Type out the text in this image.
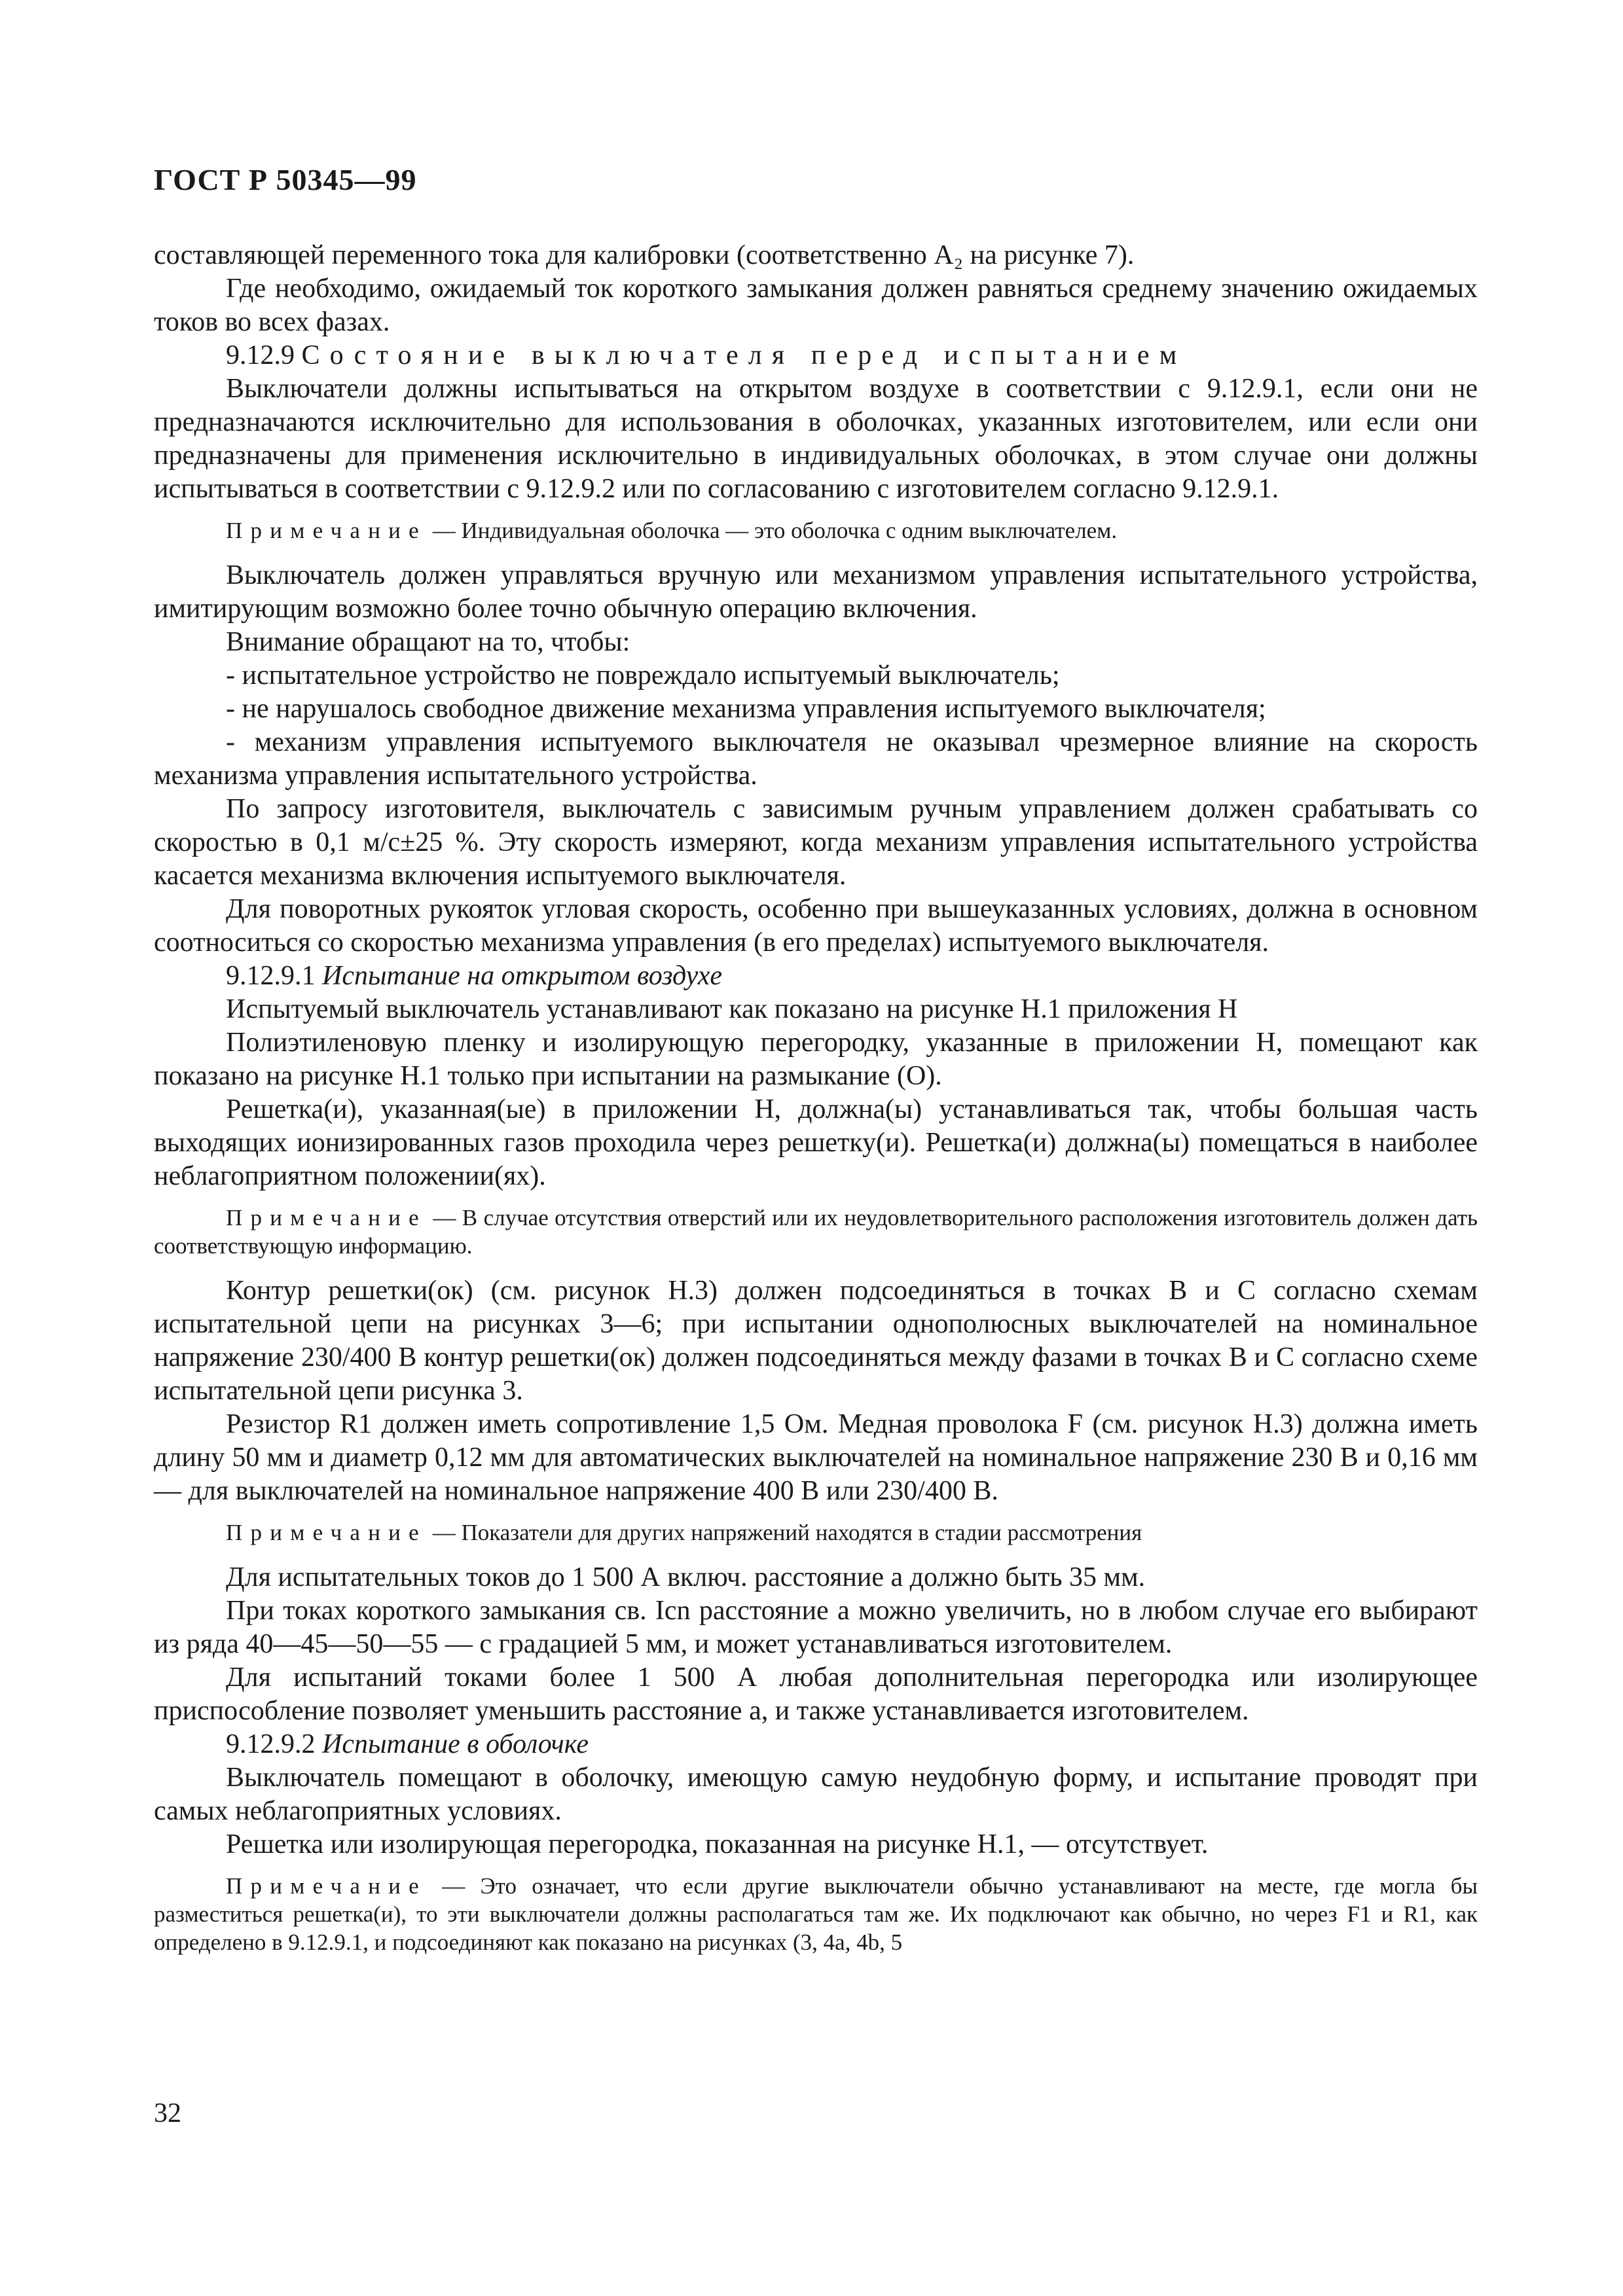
ГОСТ Р 50345—99

составляющей переменного тока для калибровки (соответственно A₂ на рисунке 7).

Где необходимо, ожидаемый ток короткого замыкания должен равняться среднему значению ожидаемых токов во всех фазах.

9.12.9 Состояние выключателя перед испытанием

Выключатели должны испытываться на открытом воздухе в соответствии с 9.12.9.1, если они не предназначаются исключительно для использования в оболочках, указанных изготовителем, или если они предназначены для применения исключительно в индивидуальных оболочках, в этом случае они должны испытываться в соответствии с 9.12.9.2 или по согласованию с изготовителем согласно 9.12.9.1.

Примечание — Индивидуальная оболочка — это оболочка с одним выключателем.

Выключатель должен управляться вручную или механизмом управления испытательного устройства, имитирующим возможно более точно обычную операцию включения.

Внимание обращают на то, чтобы:

- испытательное устройство не повреждало испытуемый выключатель;

- не нарушалось свободное движение механизма управления испытуемого выключателя;

- механизм управления испытуемого выключателя не оказывал чрезмерное влияние на скорость механизма управления испытательного устройства.

По запросу изготовителя, выключатель с зависимым ручным управлением должен срабатывать со скоростью в 0,1 м/с±25 %. Эту скорость измеряют, когда механизм управления испытательного устройства касается механизма включения испытуемого выключателя.

Для поворотных рукояток угловая скорость, особенно при вышеуказанных условиях, должна в основном соотноситься со скоростью механизма управления (в его пределах) испытуемого выключателя.

9.12.9.1 Испытание на открытом воздухе

Испытуемый выключатель устанавливают как показано на рисунке Н.1 приложения Н

Полиэтиленовую пленку и изолирующую перегородку, указанные в приложении Н, помещают как показано на рисунке Н.1 только при испытании на размыкание (О).

Решетка(и), указанная(ые) в приложении Н, должна(ы) устанавливаться так, чтобы большая часть выходящих ионизированных газов проходила через решетку(и). Решетка(и) должна(ы) помещаться в наиболее неблагоприятном положении(ях).

Примечание — В случае отсутствия отверстий или их неудовлетворительного расположения изготовитель должен дать соответствующую информацию.

Контур решетки(ок) (см. рисунок Н.3) должен подсоединяться в точках B и C согласно схемам испытательной цепи на рисунках 3—6; при испытании однополюсных выключателей на номинальное напряжение 230/400 В контур решетки(ок) должен подсоединяться между фазами в точках B и C согласно схеме испытательной цепи рисунка 3.

Резистор R1 должен иметь сопротивление 1,5 Ом. Медная проволока F (см. рисунок Н.3) должна иметь длину 50 мм и диаметр 0,12 мм для автоматических выключателей на номинальное напряжение 230 В и 0,16 мм — для выключателей на номинальное напряжение 400 В или 230/400 В.

Примечание — Показатели для других напряжений находятся в стадии рассмотрения

Для испытательных токов до 1 500 А включ. расстояние a должно быть 35 мм.

При токах короткого замыкания св. Icn расстояние a можно увеличить, но в любом случае его выбирают из ряда 40—45—50—55 — с градацией 5 мм, и может устанавливаться изготовителем.

Для испытаний токами более 1 500 А любая дополнительная перегородка или изолирующее приспособление позволяет уменьшить расстояние a, и также устанавливается изготовителем.

9.12.9.2 Испытание в оболочке

Выключатель помещают в оболочку, имеющую самую неудобную форму, и испытание проводят при самых неблагоприятных условиях.

Решетка или изолирующая перегородка, показанная на рисунке Н.1, — отсутствует.

Примечание — Это означает, что если другие выключатели обычно устанавливают на месте, где могла бы разместиться решетка(и), то эти выключатели должны располагаться там же. Их подключают как обычно, но через F1 и R1, как определено в 9.12.9.1, и подсоединяют как показано на рисунках (3, 4а, 4b, 5

32
